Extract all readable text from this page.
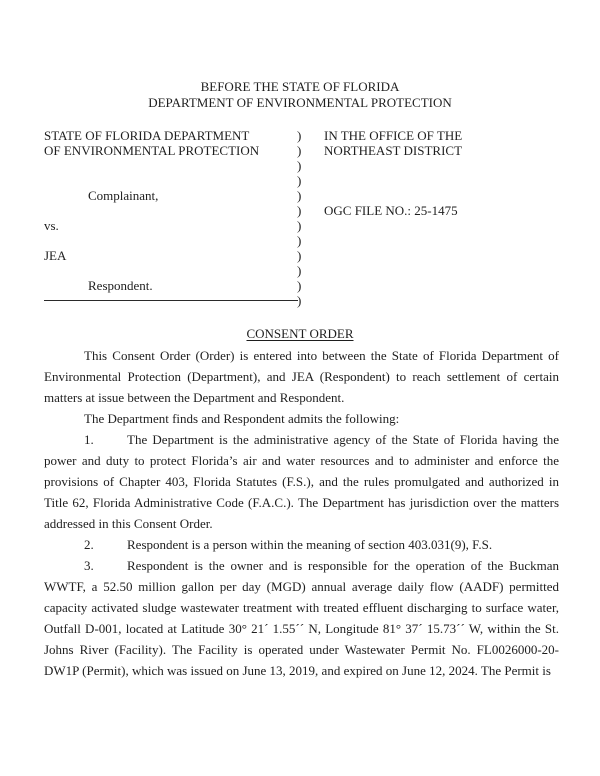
BEFORE THE STATE OF FLORIDA
DEPARTMENT OF ENVIRONMENTAL PROTECTION
STATE OF FLORIDA DEPARTMENT	)	IN THE OFFICE OF THE
OF ENVIRONMENTAL PROTECTION	)	NORTHEAST DISTRICT
)
)
Complainant,	)
)	OGC FILE NO.: 25-1475
vs.	)
)
JEA	)
)
Respondent.	)
)
CONSENT ORDER

This Consent Order (Order) is entered into between the State of Florida Department of Environmental Protection (Department), and JEA (Respondent) to reach settlement of certain matters at issue between the Department and Respondent.

The Department finds and Respondent admits the following:

1.	The Department is the administrative agency of the State of Florida having the power and duty to protect Florida’s air and water resources and to administer and enforce the provisions of Chapter 403, Florida Statutes (F.S.), and the rules promulgated and authorized in Title 62, Florida Administrative Code (F.A.C.). The Department has jurisdiction over the matters addressed in this Consent Order.

2.	Respondent is a person within the meaning of section 403.031(9), F.S.

3.	Respondent is the owner and is responsible for the operation of the Buckman WWTF, a 52.50 million gallon per day (MGD) annual average daily flow (AADF) permitted capacity activated sludge wastewater treatment with treated effluent discharging to surface water, Outfall D-001, located at Latitude 30° 21´ 1.55´´ N, Longitude 81° 37´ 15.73´´ W, within the St. Johns River (Facility). The Facility is operated under Wastewater Permit No. FL0026000-20-DW1P (Permit), which was issued on June 13, 2019, and expired on June 12, 2024. The Permit is
